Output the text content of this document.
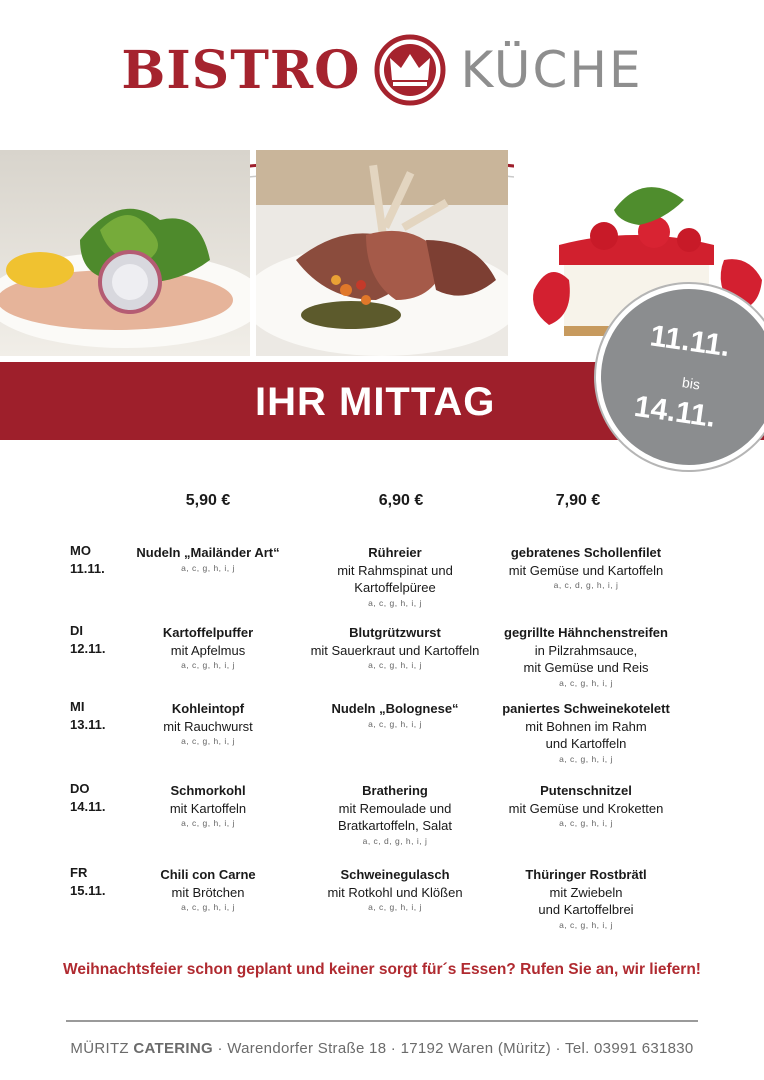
BISTRO KÜCHE
IHR MITTAG
11.11.
bis
14.11.
5,90 €	6,90 €	7,90 €
MO
11.11.
Nudeln „Mailänder Art“
a, c, g, h, i, j
Rühreier
mit Rahmspinat und
Kartoffelpüree
a, c, g, h, i, j
gebratenes Schollenfilet
mit Gemüse und Kartoffeln
a, c, d, g, h, i, j
DI
12.11.
Kartoffelpuffer
mit Apfelmus
a, c, g, h, i, j
Blutgrützwurst
mit Sauerkraut und Kartoffeln
a, c, g, h, i, j
gegrillte Hähnchenstreifen
in Pilzrahmsauce,
mit Gemüse und Reis
a, c, g, h, i, j
MI
13.11.
Kohleintopf
mit Rauchwurst
a, c, g, h, i, j
Nudeln „Bolognese“
a, c, g, h, i, j
paniertes Schweinekotelett
mit Bohnen im Rahm
und Kartoffeln
a, c, g, h, i, j
DO
14.11.
Schmorkohl
mit Kartoffeln
a, c, g, h, i, j
Brathering
mit Remoulade und
Bratkartoffeln, Salat
a, c, d, g, h, i, j
Putenschnitzel
mit Gemüse und Kroketten
a, c, g, h, i, j
FR
15.11.
Chili con Carne
mit Brötchen
a, c, g, h, i, j
Schweinegulasch
mit Rotkohl und Klößen
a, c, g, h, i, j
Thüringer Rostbrätl
mit Zwiebeln
und Kartoffelbrei
a, c, g, h, i, j
Weihnachtsfeier schon geplant und keiner sorgt für´s Essen? Rufen Sie an, wir liefern!
MÜRITZ CATERING · Warendorfer Straße 18 · 17192 Waren (Müritz) · Tel. 03991 631830
